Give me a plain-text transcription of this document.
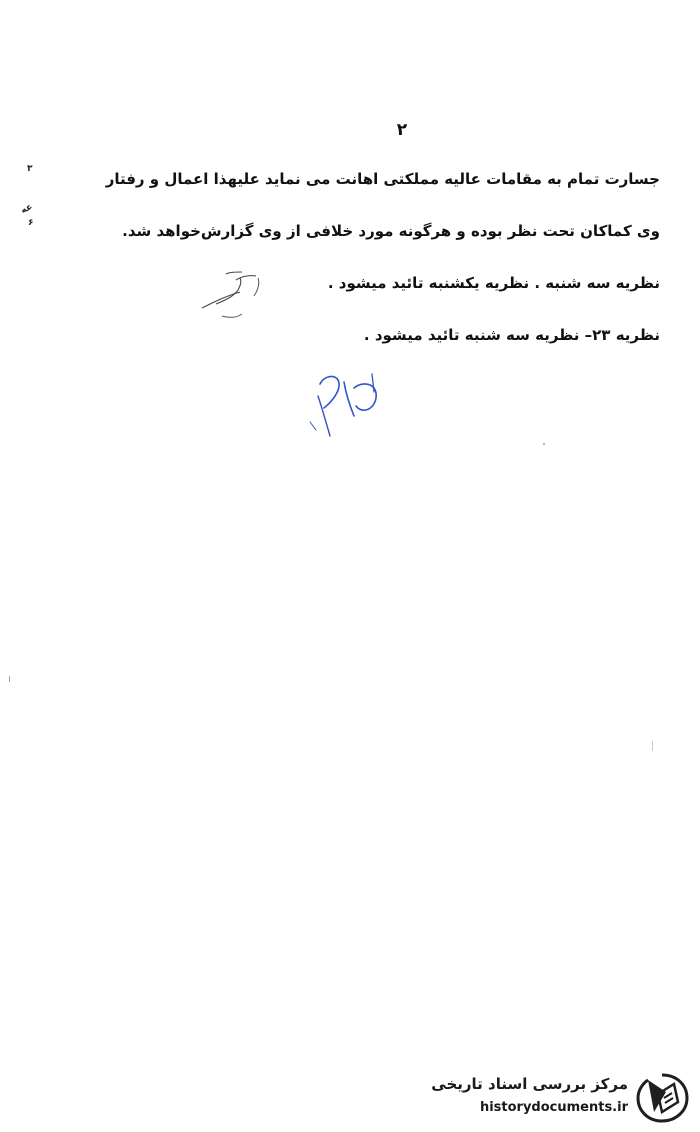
۲
جسارت تمام به مقامات عالیه مملکتی اهانت می نماید علیهذا اعمال و رفتار
وی کماکان تحت نظر بوده و هرگونه مورد خلافی از وی گزارش‌خواهد شد.
نظریه سه شنبه . نظریه یکشنبه تائید میشود .
نظریه ۲۳– نظریه سه شنبه تائید میشود .
۳
عه
۶
مرکز بررسی اسناد تاریخی
historydocuments.ir
